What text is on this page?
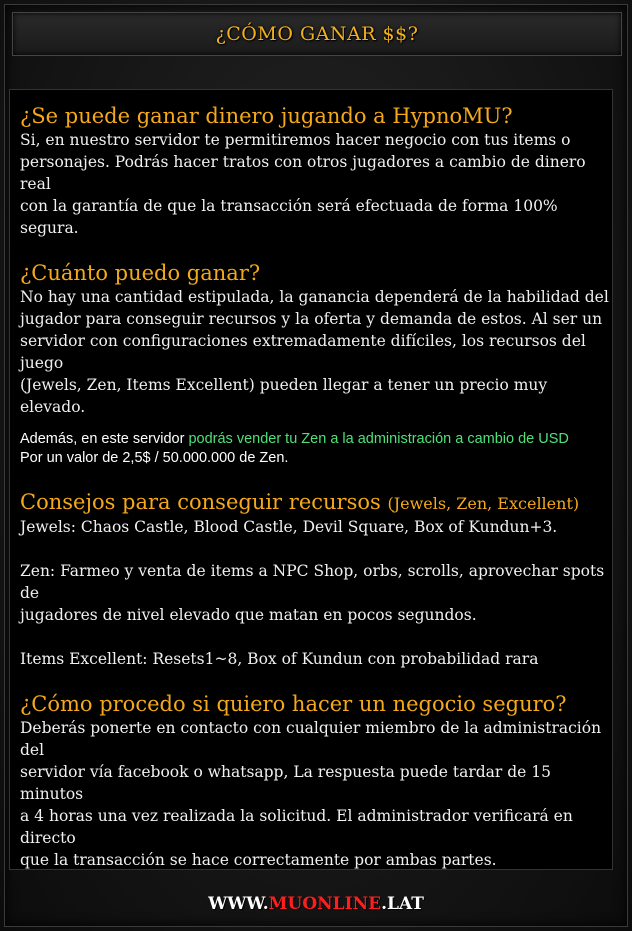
¿CÓMO GANAR $$?
¿Se puede ganar dinero jugando a HypnoMU?
Si, en nuestro servidor te permitiremos hacer negocio con tus items o
personajes. Podrás hacer tratos con otros jugadores a cambio de dinero real
con la garantía de que la transacción será efectuada de forma 100% segura.
¿Cuánto puedo ganar?
No hay una cantidad estipulada, la ganancia dependerá de la habilidad del
jugador para conseguir recursos y la oferta y demanda de estos. Al ser un
servidor con configuraciones extremadamente difíciles, los recursos del juego
(Jewels, Zen, Items Excellent) pueden llegar a tener un precio muy elevado.
Además, en este servidor podrás vender tu Zen a la administración a cambio de USD
Por un valor de 2,5$ / 50.000.000 de Zen.
Consejos para conseguir recursos (Jewels, Zen, Excellent)
Jewels: Chaos Castle, Blood Castle, Devil Square, Box of Kundun+3.
Zen: Farmeo y venta de items a NPC Shop, orbs, scrolls, aprovechar spots de
jugadores de nivel elevado que matan en pocos segundos.
Items Excellent: Resets1~8, Box of Kundun con probabilidad rara
¿Cómo procedo si quiero hacer un negocio seguro?
Deberás ponerte en contacto con cualquier miembro de la administración del
servidor vía facebook o whatsapp, La respuesta puede tardar de 15 minutos
a 4 horas una vez realizada la solicitud. El administrador verificará en directo
que la transacción se hace correctamente por ambas partes.
WWW.MUONLINE.LAT
